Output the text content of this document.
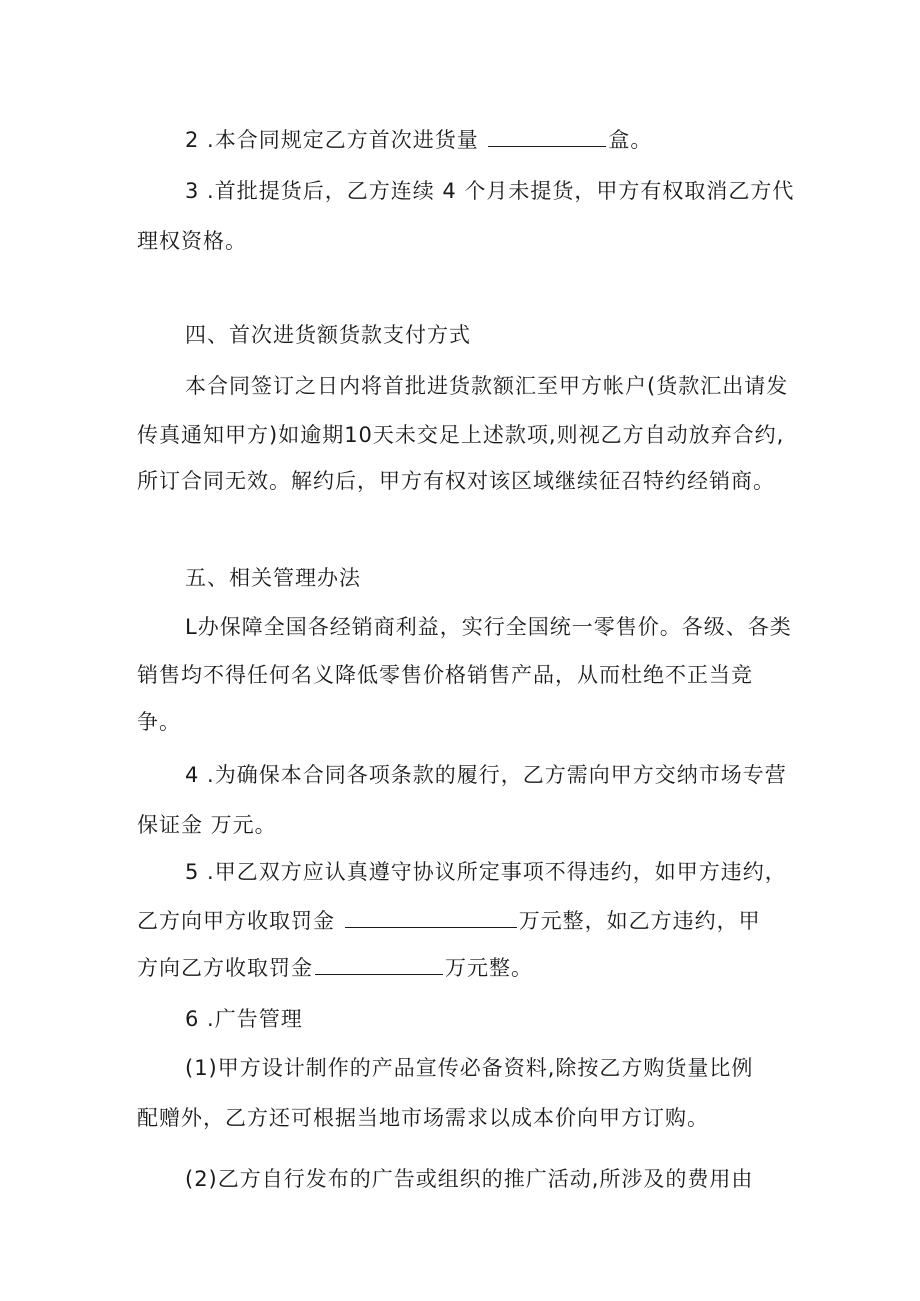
2 .本合同规定乙方首次进货量	盒。
3 .首批提货后，乙方连续 4 个月未提货，甲方有权取消乙方代
理权资格。
四、首次进货额货款支付方式
本合同签订之日内将首批进货款额汇至甲方帐户(货款汇出请发
传真通知甲方)如逾期10天未交足上述款项,则视乙方自动放弃合约,
所订合同无效。解约后，甲方有权对该区域继续征召特约经销商。
五、相关管理办法
L办保障全国各经销商利益，实行全国统一零售价。各级、各类
销售均不得任何名义降低零售价格销售产品，从而杜绝不正当竞
争。
4 .为确保本合同各项条款的履行，乙方需向甲方交纳市场专营
保证金 万元。
5 .甲乙双方应认真遵守协议所定事项不得违约，如甲方违约，
乙方向甲方收取罚金	万元整，如乙方违约，甲
方向乙方收取罚金	万元整。
6 .广告管理
(1)甲方设计制作的产品宣传必备资料,除按乙方购货量比例
配赠外，乙方还可根据当地市场需求以成本价向甲方订购。
(2)乙方自行发布的广告或组织的推广活动,所涉及的费用由
